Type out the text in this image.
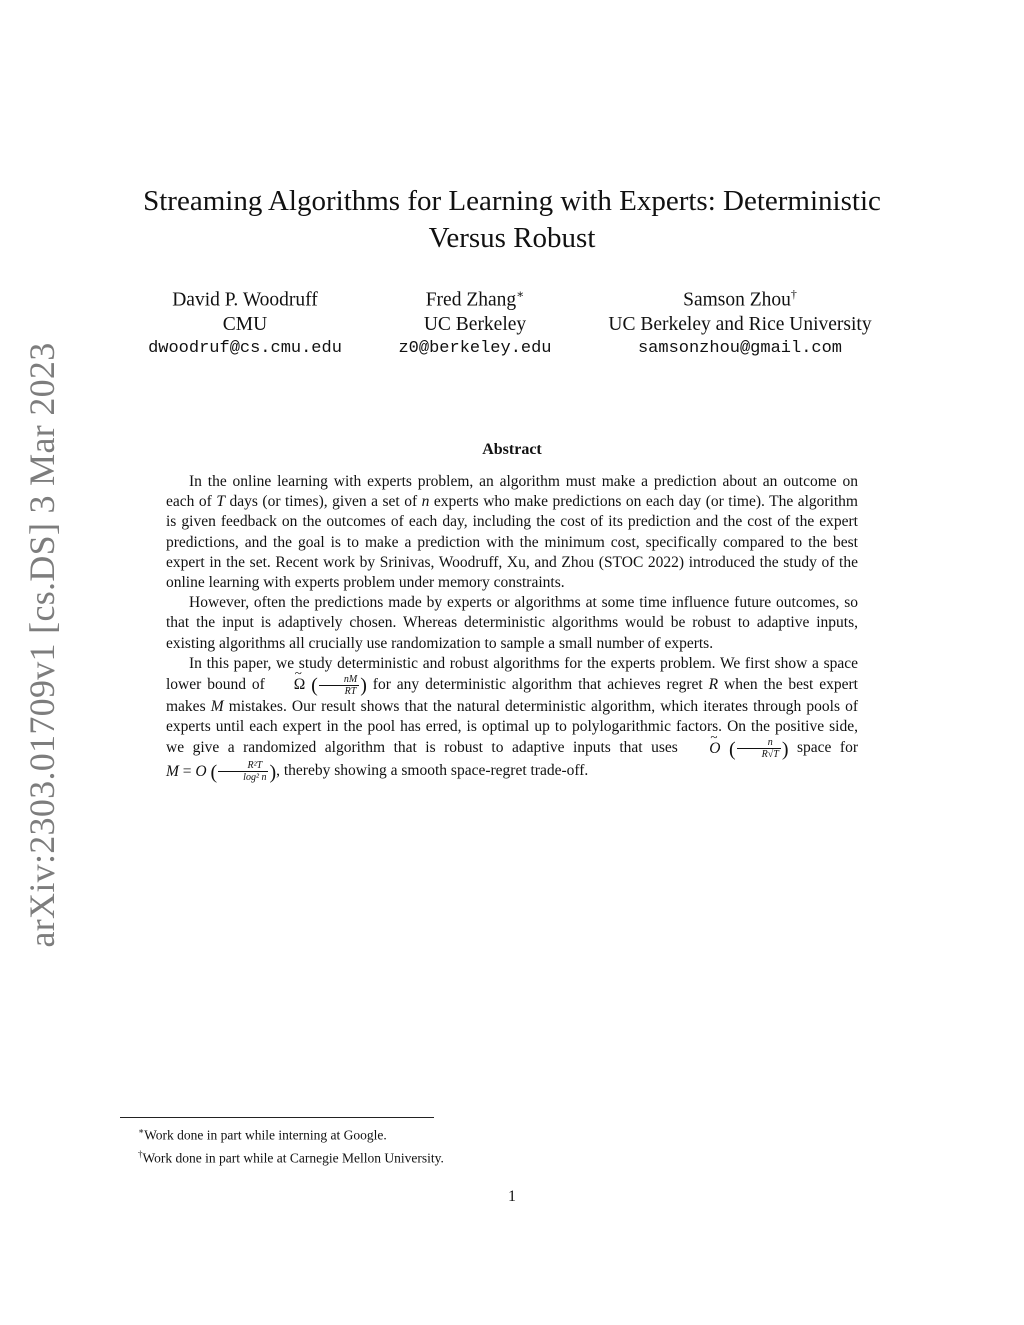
arXiv:2303.01709v1 [cs.DS] 3 Mar 2023
Streaming Algorithms for Learning with Experts: Deterministic Versus Robust
David P. Woodruff
CMU
dwoodruf@cs.cmu.edu
Fred Zhang∗
UC Berkeley
z0@berkeley.edu
Samson Zhou†
UC Berkeley and Rice University
samsonzhou@gmail.com
Abstract

In the online learning with experts problem, an algorithm must make a prediction about an outcome on each of T days (or times), given a set of n experts who make predictions on each day (or time). The algorithm is given feedback on the outcomes of each day, including the cost of its prediction and the cost of the expert predictions, and the goal is to make a prediction with the minimum cost, specifically compared to the best expert in the set. Recent work by Srinivas, Woodruff, Xu, and Zhou (STOC 2022) introduced the study of the online learning with experts problem under memory constraints.

However, often the predictions made by experts or algorithms at some time influence future outcomes, so that the input is adaptively chosen. Whereas deterministic algorithms would be robust to adaptive inputs, existing algorithms all crucially use randomization to sample a small number of experts.

In this paper, we study deterministic and robust algorithms for the experts problem. We first show a space lower bound of ~ Ω ( $\frac{nM}{RT}$ ) for any deterministic algorithm that achieves regret R when the best expert makes M mistakes. Our result shows that the natural deterministic algorithm, which iterates through pools of experts until each expert in the pool has erred, is optimal up to polylogarithmic factors. On the positive side, we give a randomized algorithm that is robust to adaptive inputs that uses ~ O ( $\frac{n}{R√T}$ ) space for M = O ( $\frac{\text{R²T}}{\text{log² n}}$ ), thereby showing a smooth space-regret trade-off.

∗Work done in part while interning at Google.
†Work done in part while at Carnegie Mellon University.
1
